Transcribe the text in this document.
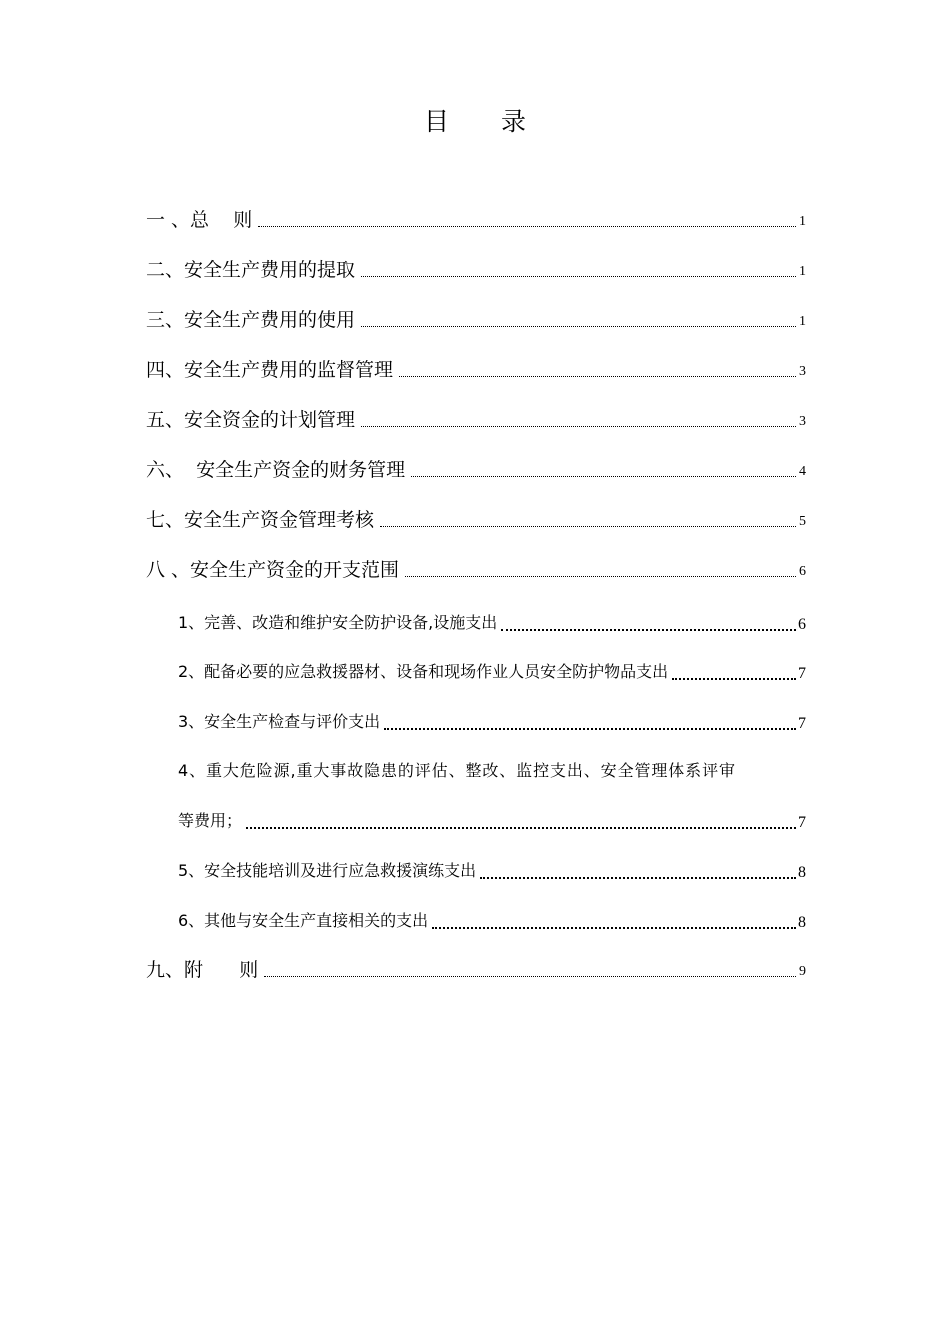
目 录
一 、总    则	1
二、安全生产费用的提取	1
三、安全生产费用的使用	1
四、安全生产费用的监督管理	3
五、安全资金的计划管理	3
六、  安全生产资金的财务管理	4
七、安全生产资金管理考核	5
八 、安全生产资金的开支范围	6
1、完善、改造和维护安全防护设备,设施支出	6
2、配备必要的应急救援器材、设备和现场作业人员安全防护物品支出	7
3、安全生产检查与评价支出	7
4、重大危险源,重大事故隐患的评估、整改、监控支出、安全管理体系评审
等费用；	7
5、安全技能培训及进行应急救援演练支出	8
6、其他与安全生产直接相关的支出	8
九、附      则	9
